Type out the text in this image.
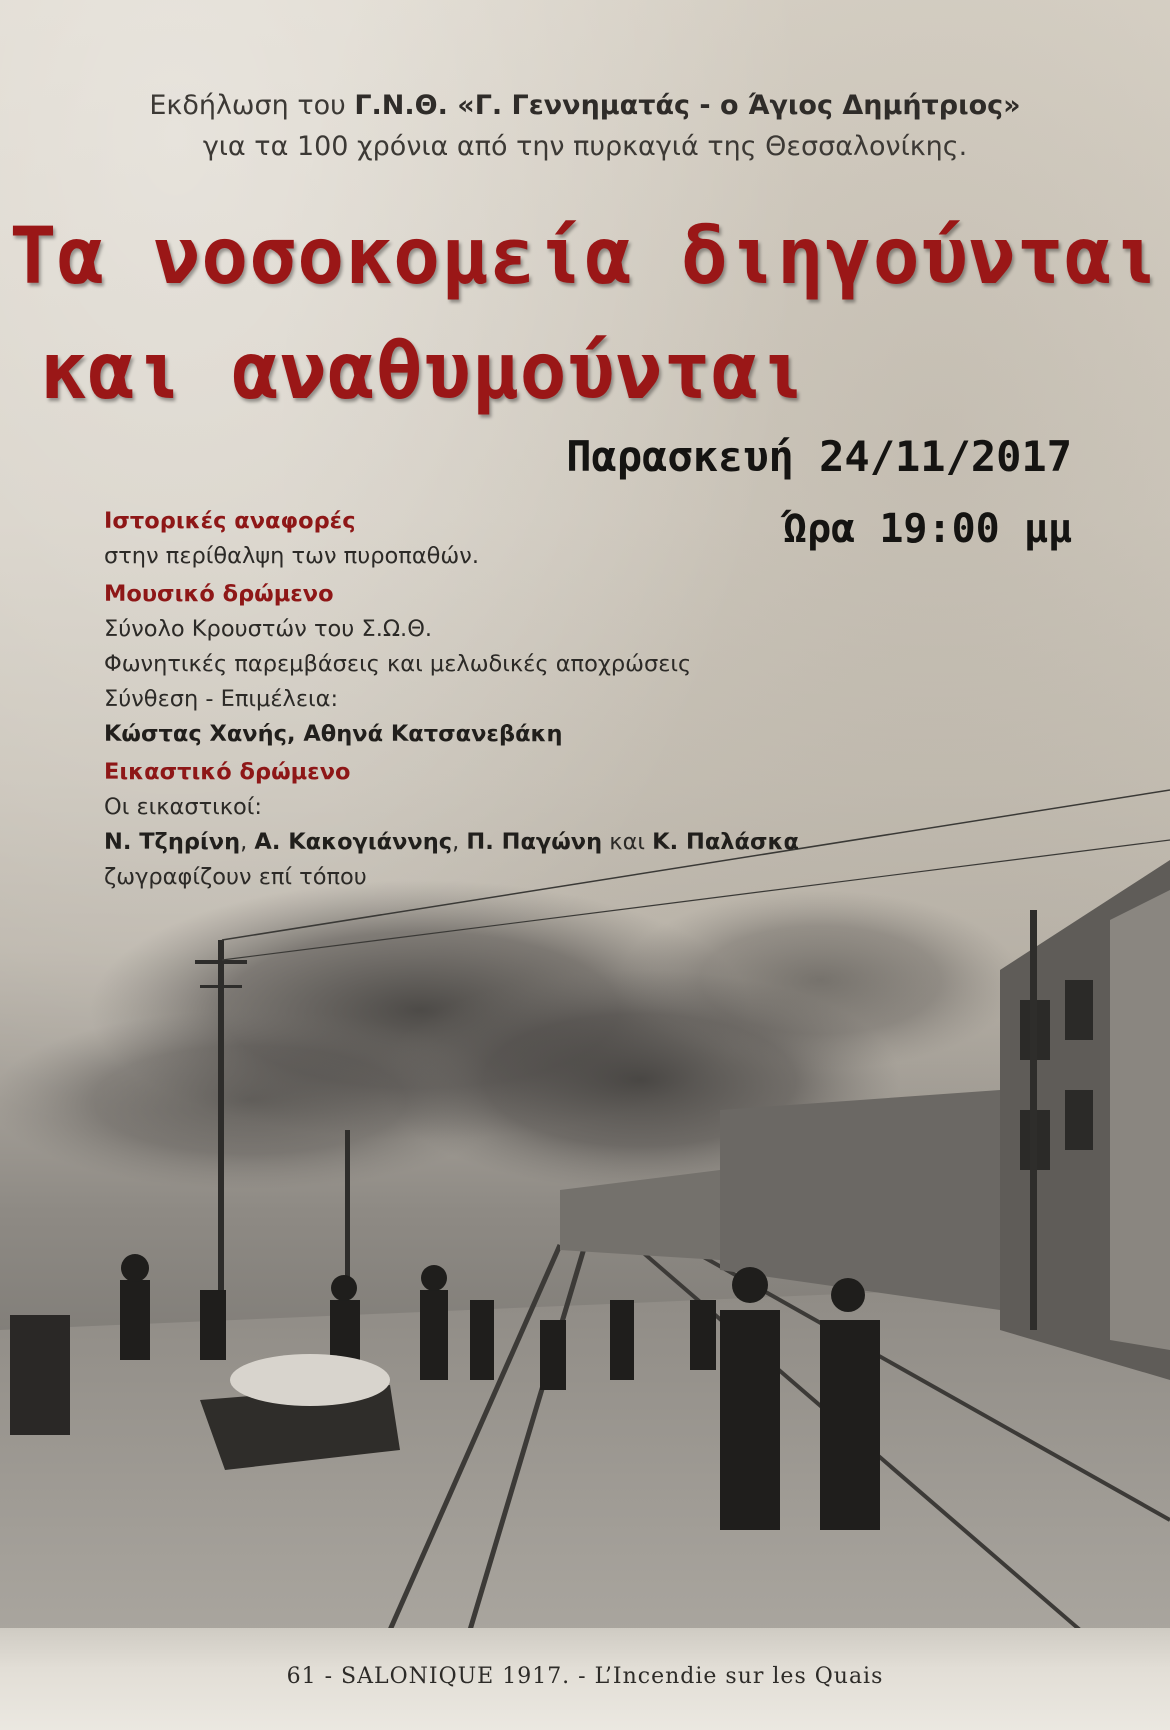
Εκδήλωση του Γ.Ν.Θ. «Γ. Γεννηματάς - ο Άγιος Δημήτριος»
για τα 100 χρόνια από την πυρκαγιά της Θεσσαλονίκης.
Τα νοσοκομεία διηγούνται
και αναθυμούνται
Παρασκευή 24/11/2017
Ώρα 19:00 μμ
Ιστορικές αναφορές
στην περίθαλψη των πυροπαθών.
Μουσικό δρώμενο
Σύνολο Κρουστών του Σ.Ω.Θ.
Φωνητικές παρεμβάσεις και μελωδικές αποχρώσεις
Σύνθεση - Επιμέλεια:
Κώστας Χανής, Αθηνά Κατσανεβάκη
Εικαστικό δρώμενο
Οι εικαστικοί:
Ν. Τζηρίνη, Α. Κακογιάννης, Π. Παγώνη και Κ. Παλάσκα
ζωγραφίζουν επί τόπου
61 - SALONIQUE 1917. - L’Incendie sur les Quais
